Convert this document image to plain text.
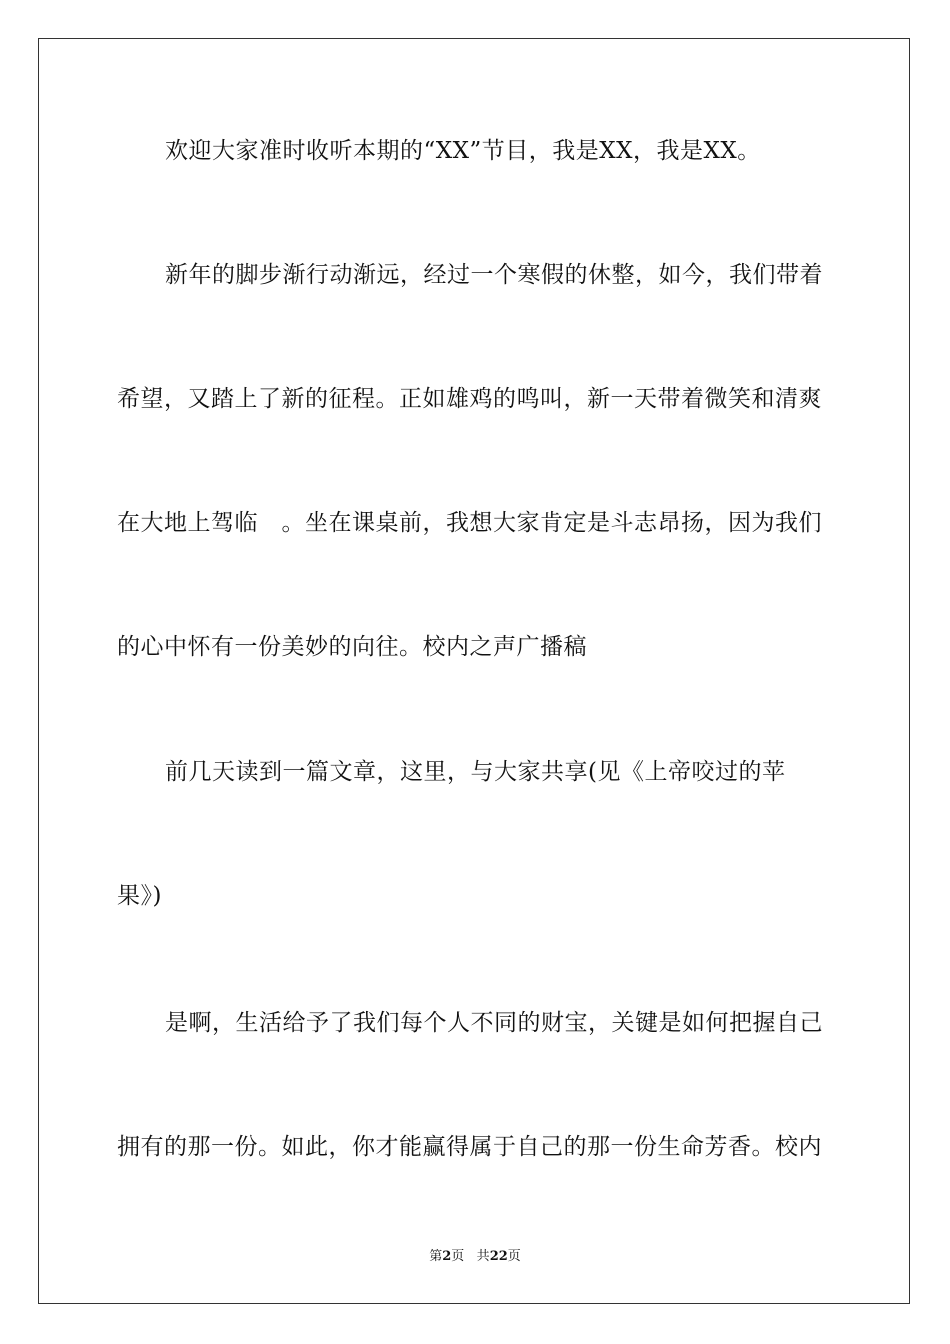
欢迎大家准时收听本期的“XX”节目，我是XX，我是XX。
新年的脚步渐行动渐远，经过一个寒假的休整，如今，我们带着
希望，又踏上了新的征程。正如雄鸡的鸣叫，新一天带着微笑和清爽
在大地上驾临　。坐在课桌前，我想大家肯定是斗志昂扬，因为我们
的心中怀有一份美妙的向往。校内之声广播稿
前几天读到一篇文章，这里，与大家共享(见《上帝咬过的苹
果》)
是啊，生活给予了我们每个人不同的财宝，关键是如何把握自己
拥有的那一份。如此，你才能赢得属于自己的那一份生命芳香。校内
第2页 共22页
